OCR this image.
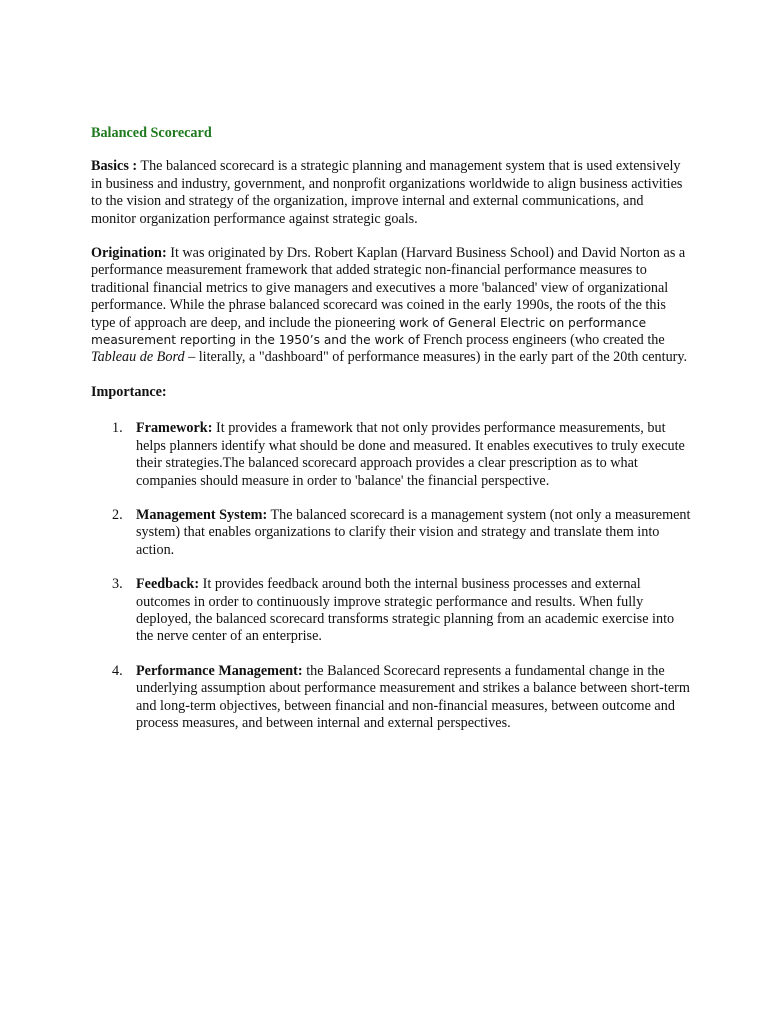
Balanced Scorecard

Basics : The balanced scorecard is a strategic planning and management system that is used extensively in business and industry, government, and nonprofit organizations worldwide to align business activities to the vision and strategy of the organization, improve internal and external communications, and monitor organization performance against strategic goals.

Origination: It was originated by Drs. Robert Kaplan (Harvard Business School) and David Norton as a performance measurement framework that added strategic non-financial performance measures to traditional financial metrics to give managers and executives a more 'balanced' view of organizational performance. While the phrase balanced scorecard was coined in the early 1990s, the roots of the this type of approach are deep, and include the pioneering work of General Electric on performance measurement reporting in the 1950’s and the work of French process engineers (who created the Tableau de Bord – literally, a "dashboard" of performance measures) in the early part of the 20th century.

Importance:
1. Framework: It provides a framework that not only provides performance measurements, but helps planners identify what should be done and measured. It enables executives to truly execute their strategies.The balanced scorecard approach provides a clear prescription as to what companies should measure in order to 'balance' the financial perspective.
2. Management System: The balanced scorecard is a management system (not only a measurement system) that enables organizations to clarify their vision and strategy and translate them into action.
3. Feedback: It provides feedback around both the internal business processes and external outcomes in order to continuously improve strategic performance and results. When fully deployed, the balanced scorecard transforms strategic planning from an academic exercise into the nerve center of an enterprise.
4. Performance Management: the Balanced Scorecard represents a fundamental change in the underlying assumption about performance measurement and strikes a balance between short-term and long-term objectives, between financial and non-financial measures, between outcome and process measures, and between internal and external perspectives.
